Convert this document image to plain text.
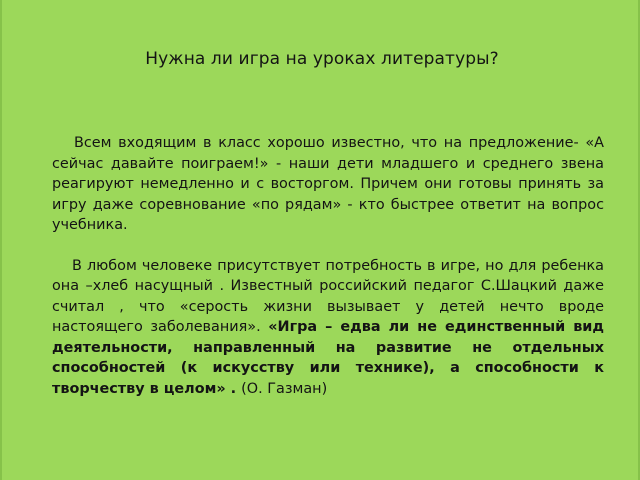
Нужна ли игра на уроках литературы?

Всем входящим в класс хорошо известно, что на предложение- «А сейчас давайте поиграем!» - наши дети младшего и среднего звена реагируют немедленно и с восторгом. Причем они готовы принять за игру даже соревнование «по рядам» - кто быстрее ответит на вопрос учебника.

В любом человеке присутствует потребность в игре, но для ребенка она –хлеб насущный . Известный российский педагог С.Шацкий даже считал , что «серость жизни вызывает у детей нечто вроде настоящего заболевания». «Игра – едва ли не единственный вид деятельности, направленный на развитие не отдельных способностей (к искусству или технике), а способности к творчеству в целом» . (О. Газман)
